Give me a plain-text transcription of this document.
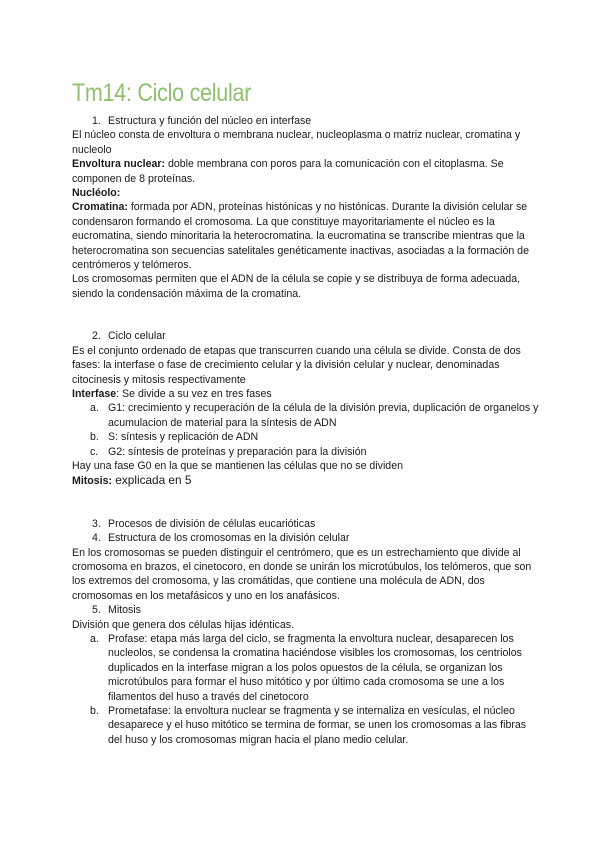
Tm14: Ciclo celular

1. Estructura y función del núcleo en interfase

El núcleo consta de envoltura o membrana nuclear, nucleoplasma o matriz nuclear, cromatina y nucleolo

Envoltura nuclear: doble membrana con poros para la comunicación con el citoplasma. Se componen de 8 proteínas.

Nucléolo:

Cromatina: formada por ADN, proteínas histónicas y no histónicas. Durante la división celular se condensaron formando el cromosoma. La que constituye mayoritariamente el núcleo es la eucromatina, siendo minoritaria la heterocromatina. la eucromatina se transcribe mientras que la heterocromatina son secuencias satelitales genéticamente inactivas, asociadas a la formación de centrómeros y telómeros.

Los cromosomas permiten que el ADN de la célula se copie y se distribuya de forma adecuada, siendo la condensación máxima de la cromatina.

2. Ciclo celular

Es el conjunto ordenado de etapas que transcurren cuando una célula se divide. Consta de dos fases: la interfase o fase de crecimiento celular y la división celular y nuclear, denominadas citocinesis y mitosis respectivamente

Interfase: Se divide a su vez en tres fases

a. G1: crecimiento y recuperación de la célula de la división previa, duplicación de organelos y acumulacion de material para la síntesis de ADN
b. S: síntesis y replicación de ADN
c. G2: síntesis de proteínas y preparación para la división

Hay una fase G0 en la que se mantienen las células que no se dividen

Mitosis: explicada en 5

3. Procesos de división de células eucarióticas

4. Estructura de los cromosomas en la división celular

En los cromosomas se pueden distinguir el centrómero, que es un estrechamiento que divide al cromosoma en brazos, el cinetocoro, en donde se unirán los microtúbulos, los telómeros, que son los extremos del cromosoma, y las cromátidas, que contiene una molécula de ADN, dos cromosomas en los metafásicos y uno en los anafásicos.

5. Mitosis

División que genera dos células hijas idénticas.

a. Profase: etapa más larga del ciclo, se fragmenta la envoltura nuclear, desaparecen los nucleolos, se condensa la cromatina haciéndose visibles los cromosomas, los centriolos duplicados en la interfase migran a los polos opuestos de la célula, se organizan los microtúbulos para formar el huso mitótico y por último cada cromosoma se une a los filamentos del huso a través del cinetocoro
b. Prometafase: la envoltura nuclear se fragmenta y se internaliza en vesículas, el núcleo desaparece y el huso mitótico se termina de formar, se unen los cromosomas a las fibras del huso y los cromosomas migran hacia el plano medio celular.
